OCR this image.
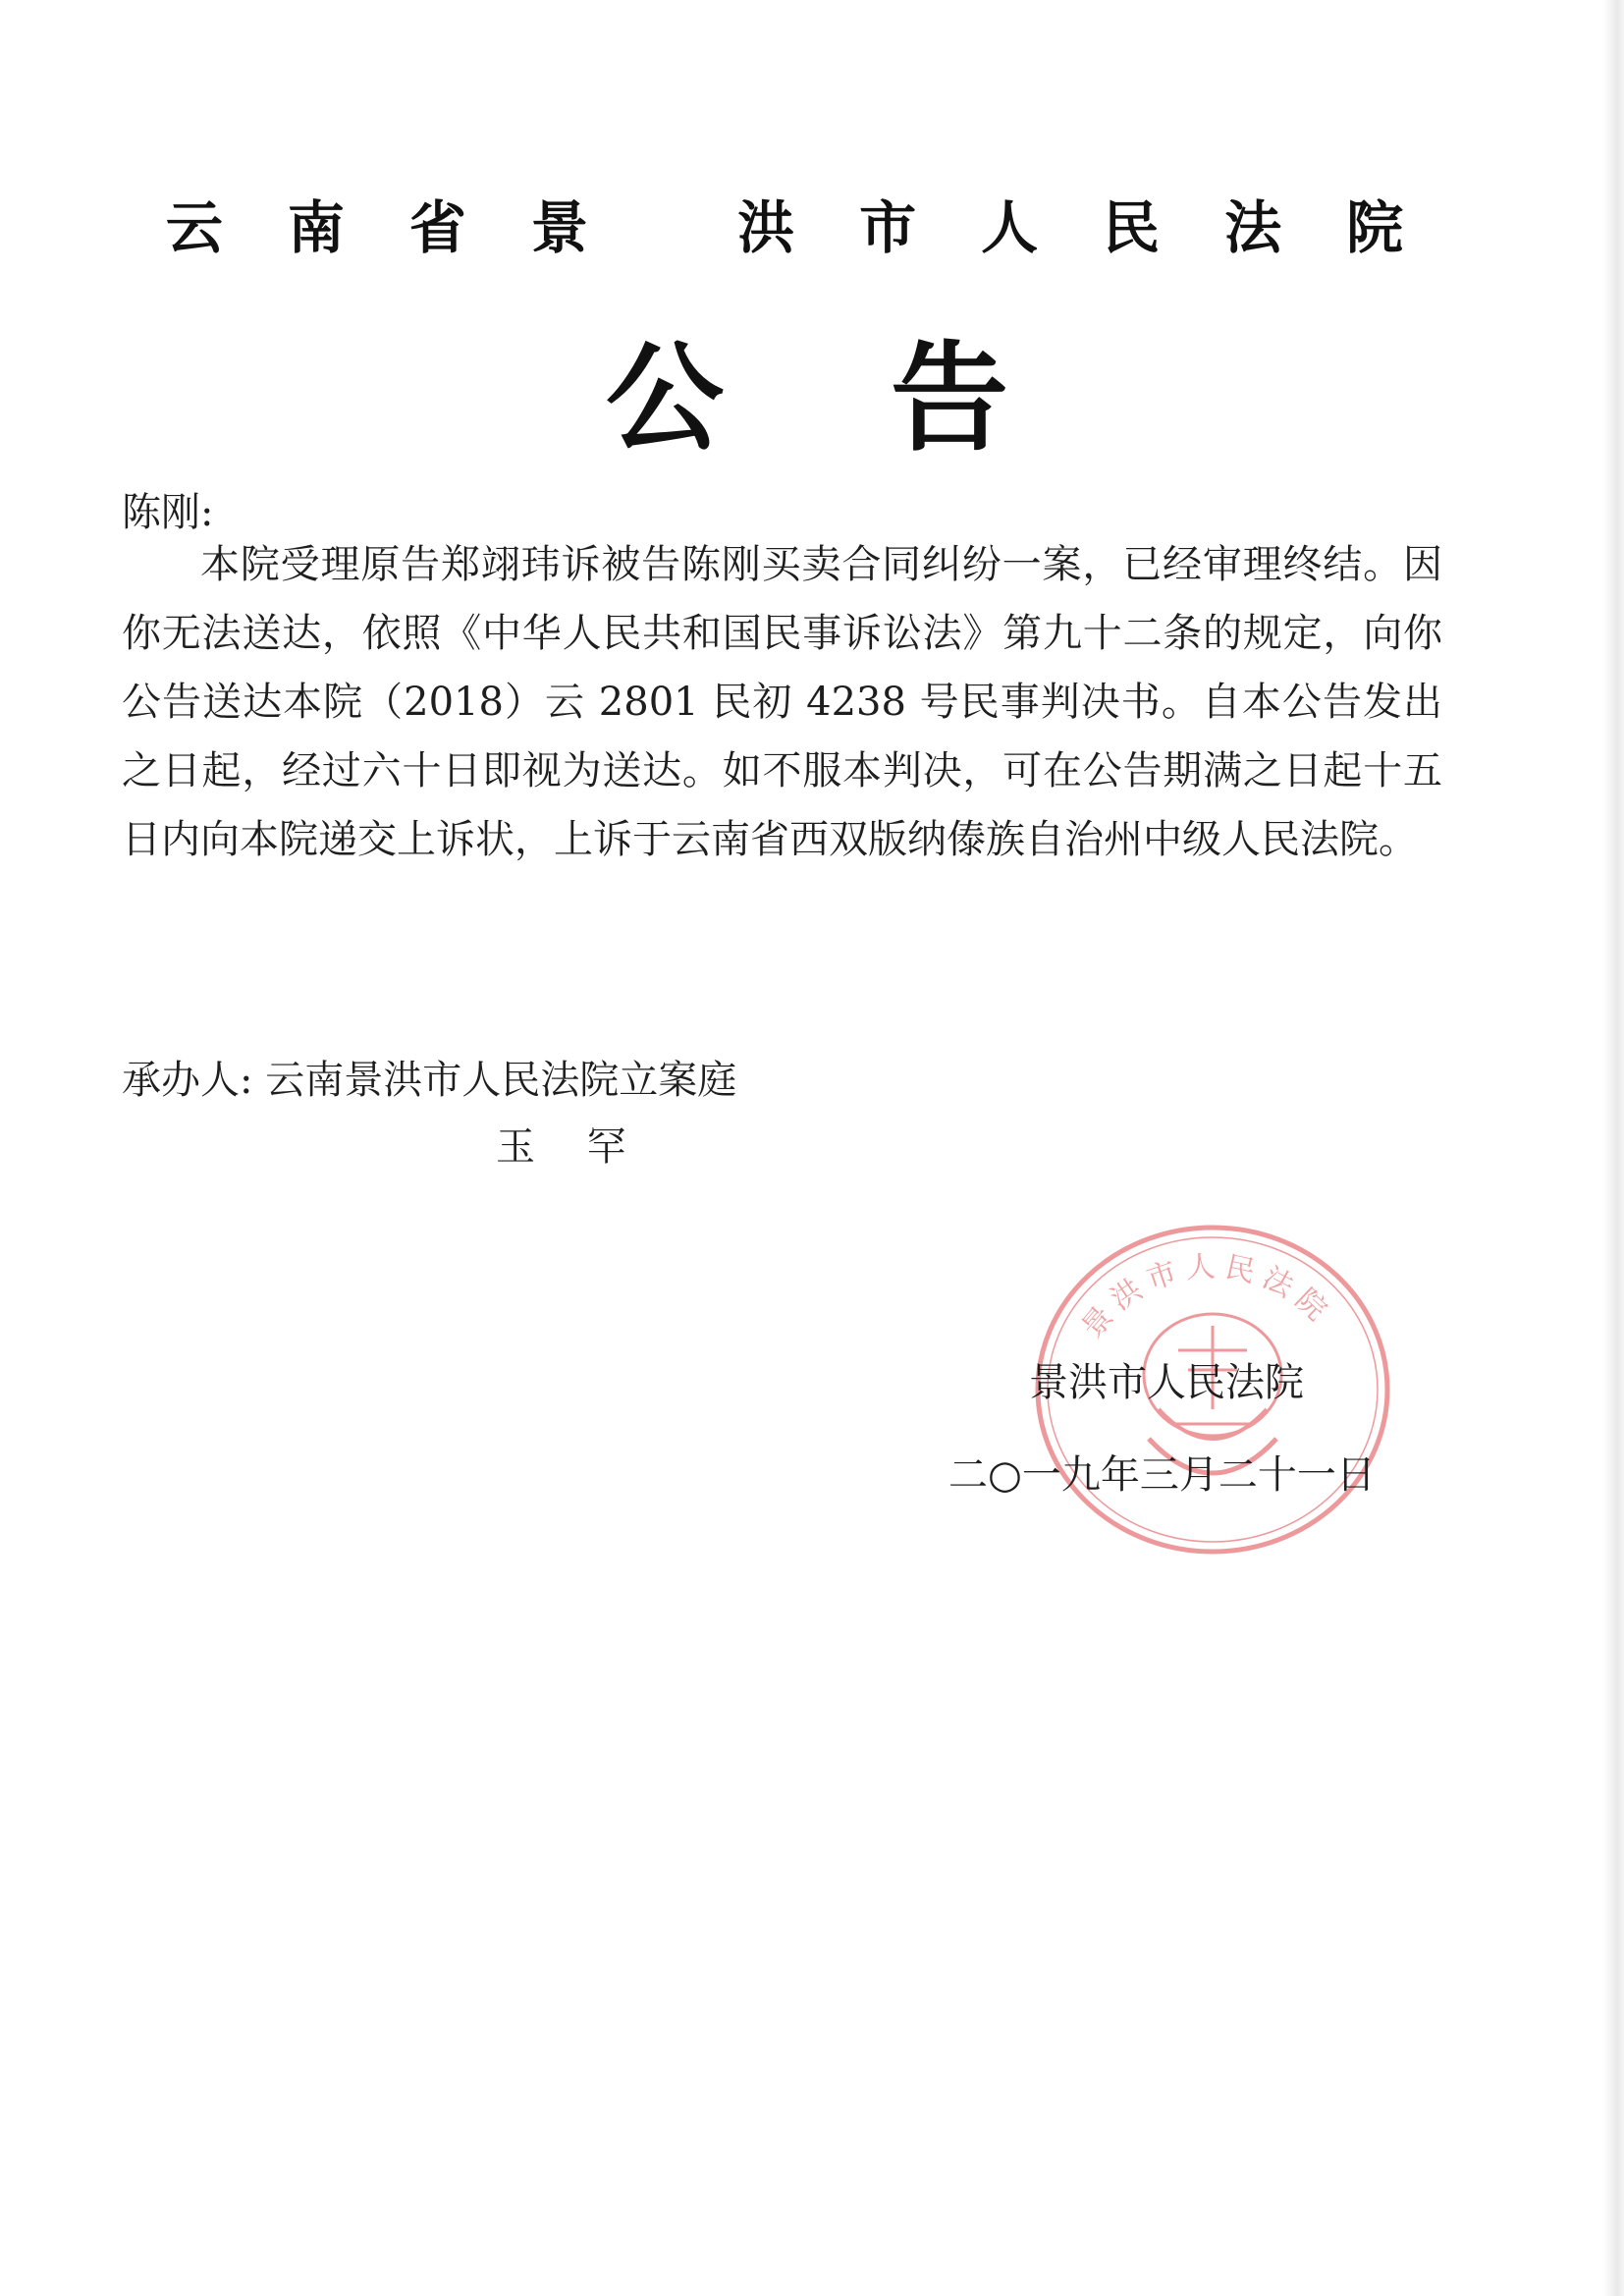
云南省景 洪市人民法院
公告
陈刚:
本院受理原告郑翊玮诉被告陈刚买卖合同纠纷一案，已经审理终结。因你无法送达，依照《中华人民共和国民事诉讼法》第九十二条的规定，向你公告送达本院（2018）云 2801 民初 4238 号民事判决书。自本公告发出之日起，经过六十日即视为送达。如不服本判决，可在公告期满之日起十五日内向本院递交上诉状，上诉于云南省西双版纳傣族自治州中级人民法院。
承办人: 云南景洪市人民法院立案庭
玉 罕
景洪市人民法院
景洪市人民法院
二○一九年三月二十一日
